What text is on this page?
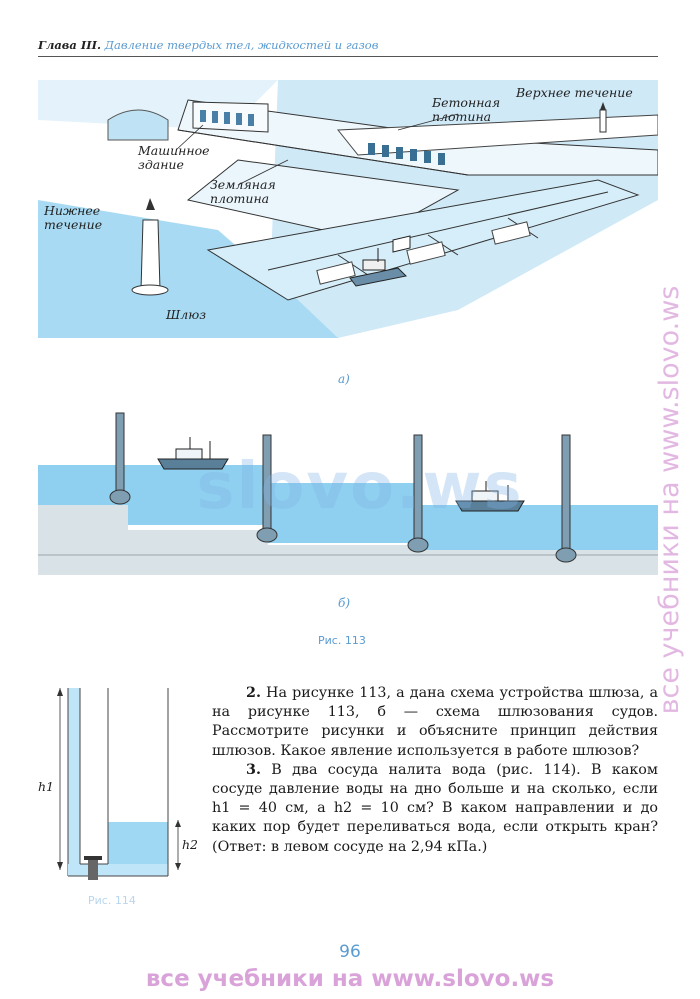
Глава III. Давление твердых тел, жидкостей и газов
Верхнее течение
Бетонная плотина
Машинное здание
Земляная плотина
Нижнее течение
Шлюз
а)
б)
Рис. 113
slovo.ws
h1
h2
Рис. 114

2. На рисунке 113, а дана схема устройства шлюза, а на рисунке 113, б — схема шлюзования судов. Рассмотрите рисунки и объясните принцип действия шлюзов. Какое явление используется в работе шлюзов?

3. В два сосуда налита вода (рис. 114). В каком сосуде давление воды на дно больше и на сколько, если h1 = 40 см, а h2 = 10 см? В каком направлении и до каких пор будет переливаться вода, если открыть кран? (Ответ: в левом сосуде на 2,94 кПа.)

96
все учебники на www.slovo.ws
все учебники на www.slovo.ws
